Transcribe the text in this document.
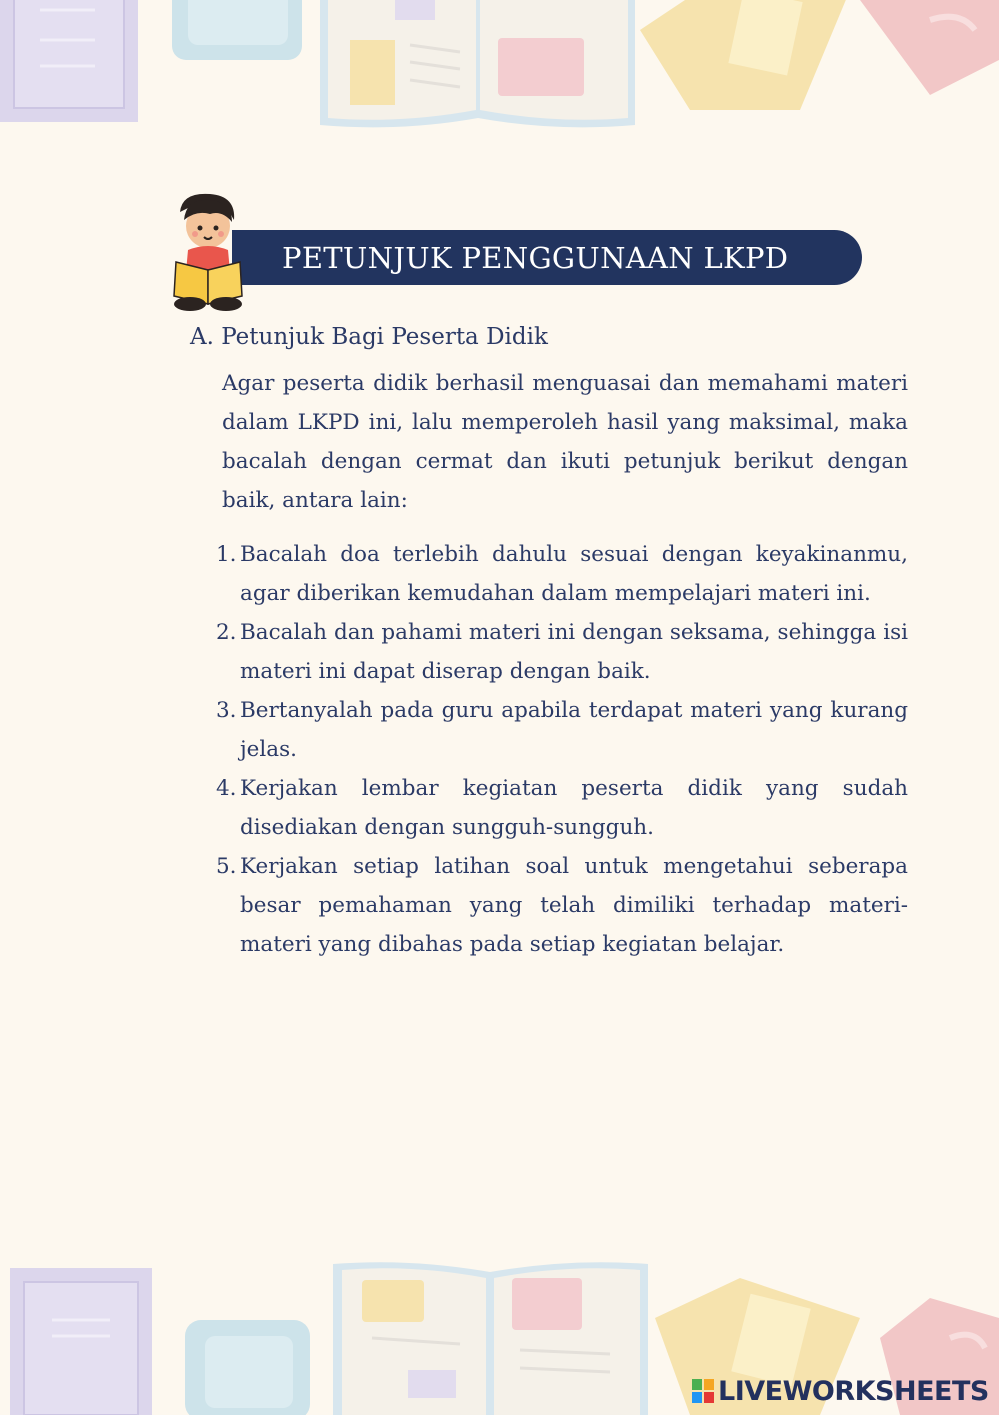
PETUNJUK PENGGUNAAN LKPD
A. Petunjuk Bagi Peserta Didik
Agar peserta didik berhasil menguasai dan memahami materi dalam LKPD ini, lalu memperoleh hasil yang maksimal, maka bacalah dengan cermat dan ikuti petunjuk berikut dengan baik, antara lain:
1. Bacalah doa terlebih dahulu sesuai dengan keyakinanmu, agar diberikan kemudahan dalam mempelajari materi ini.
2. Bacalah dan pahami materi ini dengan seksama, sehingga isi materi ini dapat diserap dengan baik.
3. Bertanyalah pada guru apabila terdapat materi yang kurang jelas.
4. Kerjakan lembar kegiatan peserta didik yang sudah disediakan dengan sungguh-sungguh.
5. Kerjakan setiap latihan soal untuk mengetahui seberapa besar pemahaman yang telah dimiliki terhadap materi-materi yang dibahas pada setiap kegiatan belajar.
LIVEWORKSHEETS
